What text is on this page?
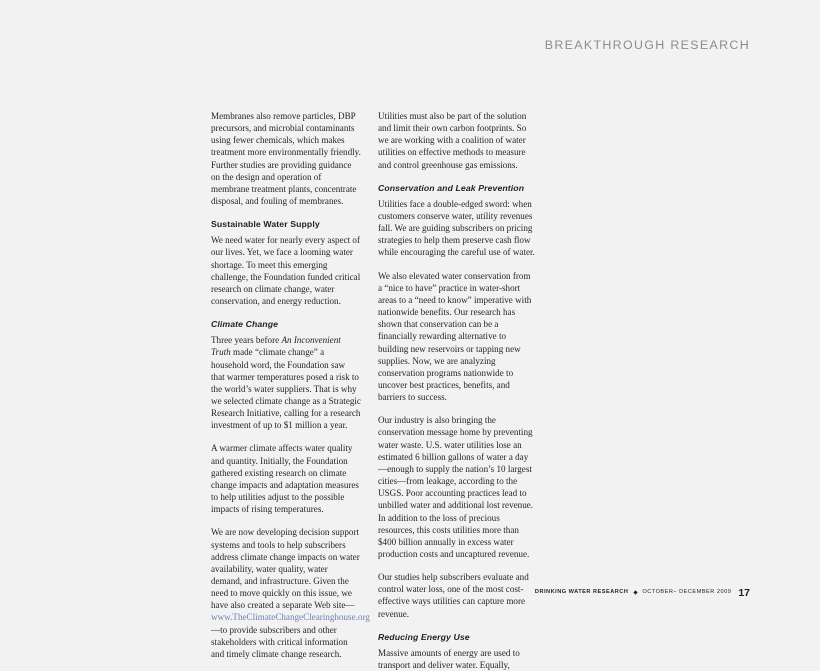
BREAKTHROUGH RESEARCH

Membranes also remove particles, DBP precursors, and microbial contaminants using fewer chemicals, which makes treatment more environmentally friendly. Further studies are providing guidance on the design and operation of membrane treatment plants, concentrate disposal, and fouling of membranes.

Sustainable Water Supply

We need water for nearly every aspect of our lives. Yet, we face a looming water shortage. To meet this emerging challenge, the Foundation funded critical research on climate change, water conservation, and energy reduction.

Climate Change

Three years before An Inconvenient Truth made “climate change” a household word, the Foundation saw that warmer temperatures posed a risk to the world’s water suppliers. That is why we selected climate change as a Strategic Research Initiative, calling for a research investment of up to $1 million a year.

A warmer climate affects water quality and quantity. Initially, the Foundation gathered existing research on climate change impacts and adaptation measures to help utilities adjust to the possible impacts of rising temperatures.

We are now developing decision support systems and tools to help subscribers address climate change impacts on water availability, water quality, water demand, and infrastructure. Given the need to move quickly on this issue, we have also created a separate Web site—www.TheClimateChangeClearinghouse.org—to provide subscribers and other stakeholders with critical information and timely climate change research.

Utilities must also be part of the solution and limit their own carbon footprints. So we are working with a coalition of water utilities on effective methods to measure and control greenhouse gas emissions.

Conservation and Leak Prevention

Utilities face a double-edged sword: when customers conserve water, utility revenues fall. We are guiding subscribers on pricing strategies to help them preserve cash flow while encouraging the careful use of water.

We also elevated water conservation from a “nice to have” practice in water-short areas to a “need to know” imperative with nationwide benefits. Our research has shown that conservation can be a financially rewarding alternative to building new reservoirs or tapping new supplies. Now, we are analyzing conservation programs nationwide to uncover best practices, benefits, and barriers to success.

Our industry is also bringing the conservation message home by preventing water waste. U.S. water utilities lose an estimated 6 billion gallons of water a day—enough to supply the nation’s 10 largest cities—from leakage, according to the USGS. Poor accounting practices lead to unbilled water and additional lost revenue. In addition to the loss of precious resources, this costs utilities more than $400 billion annually in excess water production costs and uncaptured revenue.

Our studies help subscribers evaluate and control water loss, one of the most cost-effective ways utilities can capture more revenue.

Reducing Energy Use

Massive amounts of energy are used to transport and deliver water. Equally,

DRINKING WATER RESEARCH	OCTOBER– DECEMBER 2009 17
